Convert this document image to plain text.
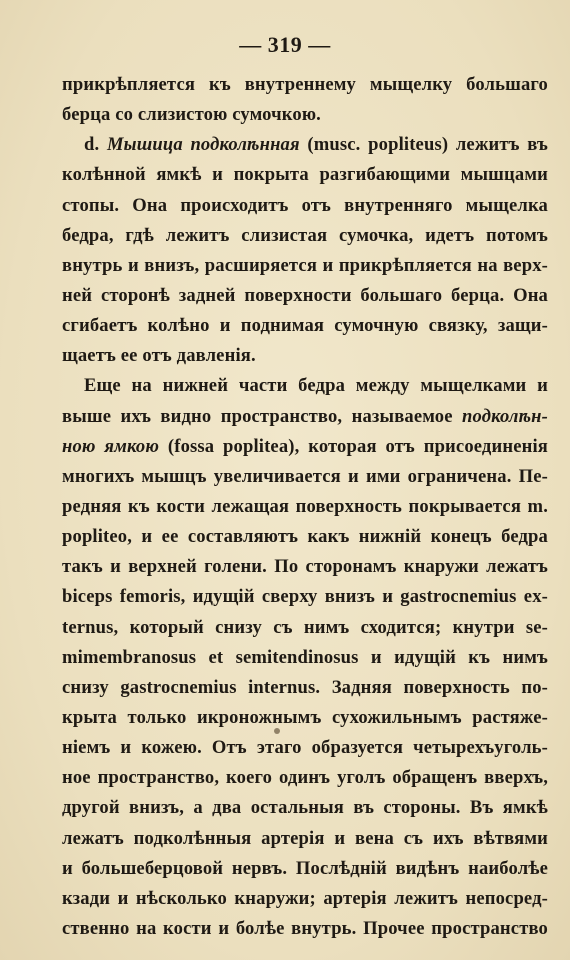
— 319 —
прикрѣпляется къ внутреннему мыщелку большаго
берца со слизистою сумочкою.
d. Мышица подколѣнная (musc. popliteus) лежитъ въ
колѣнной ямкѣ и покрыта разгибающими мышцами
стопы. Она происходитъ отъ внутренняго мыщелка
бедра, гдѣ лежитъ слизистая сумочка, идетъ потомъ
внутрь и внизъ, расширяется и прикрѣпляется на верх-
ней сторонѣ задней поверхности большаго берца. Она
сгибаетъ колѣно и поднимая сумочную связку, защи-
щаетъ ее отъ давленія.
Еще на нижней части бедра между мыщелками и
выше ихъ видно пространство, называемое подколѣн-
ною ямкою (fossa poplitea), которая отъ присоединенія
многихъ мышцъ увеличивается и ими ограничена. Пе-
редняя къ кости лежащая поверхность покрывается m.
popliteo, и ее составляютъ какъ нижній конецъ бедра
такъ и верхней голени. По сторонамъ кнаружи лежатъ
biceps femoris, идущій сверху внизъ и gastrocnemius ex-
ternus, который снизу съ нимъ сходится; кнутри se-
mimembranosus et semitendinosus и идущій къ нимъ
снизу gastrocnemius internus. Задняя поверхность по-
крыта только икроножнымъ сухожильнымъ растяже-
ніемъ и кожею. Отъ этаго образуется четырехъуголь-
ное пространство, коего одинъ уголъ обращенъ вверхъ,
другой внизъ, а два остальныя въ стороны. Въ ямкѣ
лежатъ подколѣнныя артерія и вена съ ихъ вѣтвями
и большеберцовой нервъ. Послѣдній видѣнъ наиболѣе
кзади и нѣсколько кнаружи; артерія лежитъ непосред-
ственно на кости и болѣе внутрь. Прочее пространство
